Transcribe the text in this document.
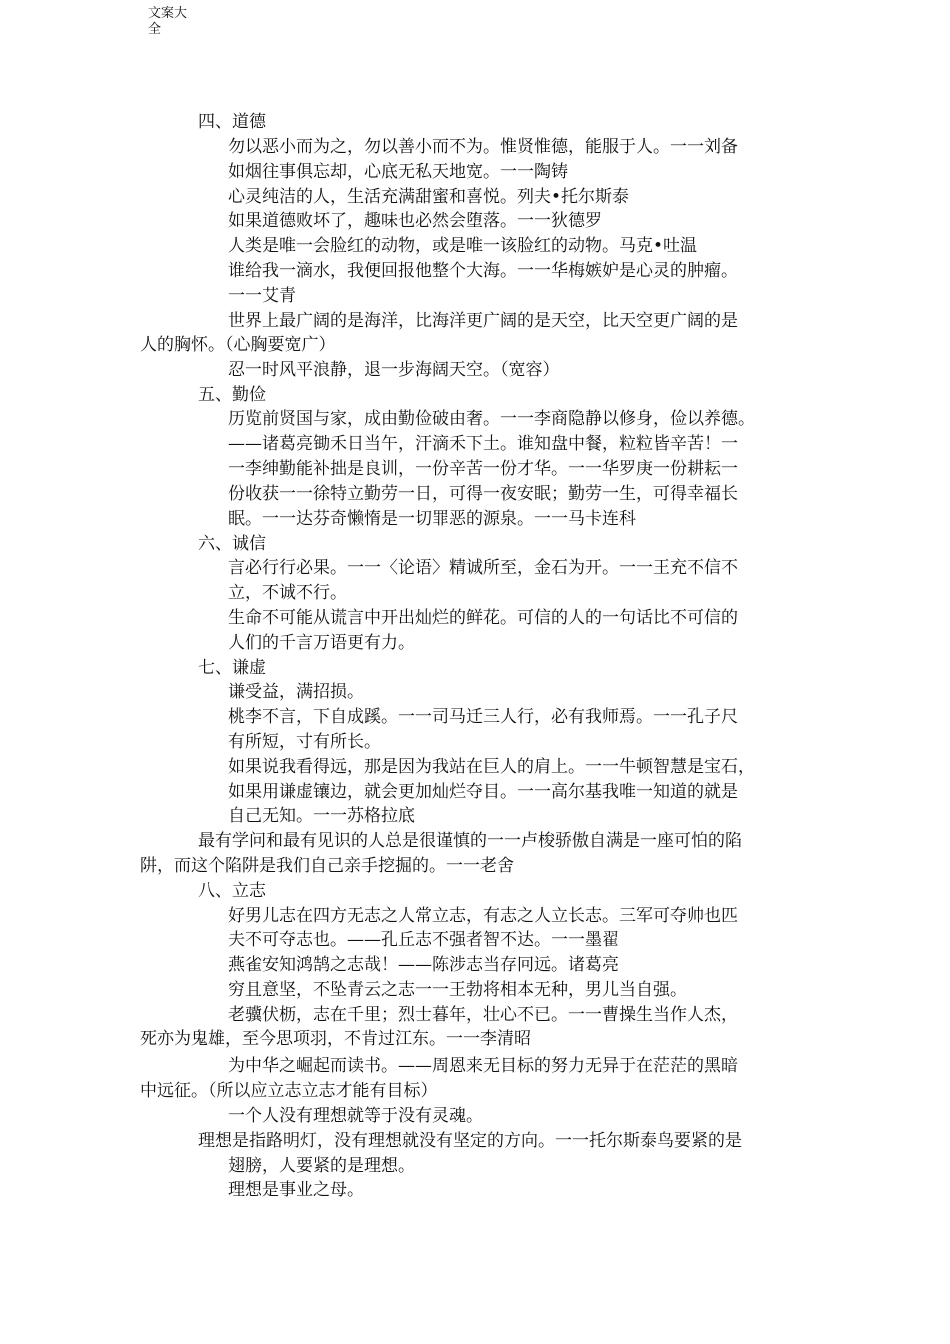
文案大
全
四、道德
勿以恶小而为之，勿以善小而不为。惟贤惟德，能服于人。一一刘备
如烟往事俱忘却，心底无私天地宽。一一陶铸
心灵纯洁的人，生活充满甜蜜和喜悦。列夫•托尔斯泰
如果道德败坏了，趣味也必然会堕落。一一狄德罗
人类是唯一会脸红的动物，或是唯一该脸红的动物。马克•吐温
谁给我一滴水，我便回报他整个大海。一一华梅嫉妒是心灵的肿瘤。
一一艾青
世界上最广阔的是海洋，比海洋更广阔的是天空，比天空更广阔的是
人的胸怀。（心胸要宽广）
忍一时风平浪静，退一步海阔天空。（宽容）
五、勤俭
历览前贤国与家，成由勤俭破由奢。一一李商隐静以修身，俭以养德。
——诸葛亮锄禾日当午，汗滴禾下土。谁知盘中餐，粒粒皆辛苦！一
一李绅勤能补拙是良训，一份辛苦一份才华。一一华罗庚一份耕耘一
份收获一一徐特立勤劳一日，可得一夜安眠；勤劳一生，可得幸福长
眠。一一达芬奇懒惰是一切罪恶的源泉。一一马卡连科
六、诚信
言必行行必果。一一〈论语〉精诚所至，金石为开。一一王充不信不
立，不诚不行。
生命不可能从谎言中开出灿烂的鲜花。可信的人的一句话比不可信的
人们的千言万语更有力。
七、谦虚
谦受益，满招损。
桃李不言，下自成蹊。一一司马迁三人行，必有我师焉。一一孔子尺
有所短，寸有所长。
如果说我看得远，那是因为我站在巨人的肩上。一一牛顿智慧是宝石，
如果用谦虚镶边，就会更加灿烂夺目。一一高尔基我唯一知道的就是
自己无知。一一苏格拉底
最有学问和最有见识的人总是很谨慎的一一卢梭骄傲自满是一座可怕的陷
阱，而这个陷阱是我们自己亲手挖掘的。一一老舍
八、立志
好男儿志在四方无志之人常立志，有志之人立长志。三军可夺帅也匹
夫不可夺志也。——孔丘志不强者智不达。一一墨翟
燕雀安知鸿鹄之志哉！——陈涉志当存冋远。诸葛亮
穷且意坚，不坠青云之志一一王勃将相本无种，男儿当自强。
老骥伏枥，志在千里；烈士暮年，壮心不已。一一曹操生当作人杰，
死亦为鬼雄，至今思项羽，不肯过江东。一一李清昭
为中华之崛起而读书。——周恩来无目标的努力无异于在茫茫的黑暗
中远征。（所以应立志立志才能有目标）
一个人没有理想就等于没有灵魂。
理想是指路明灯，没有理想就没有坚定的方向。一一托尔斯泰鸟要紧的是
翅膀，人要紧的是理想。
理想是事业之母。
